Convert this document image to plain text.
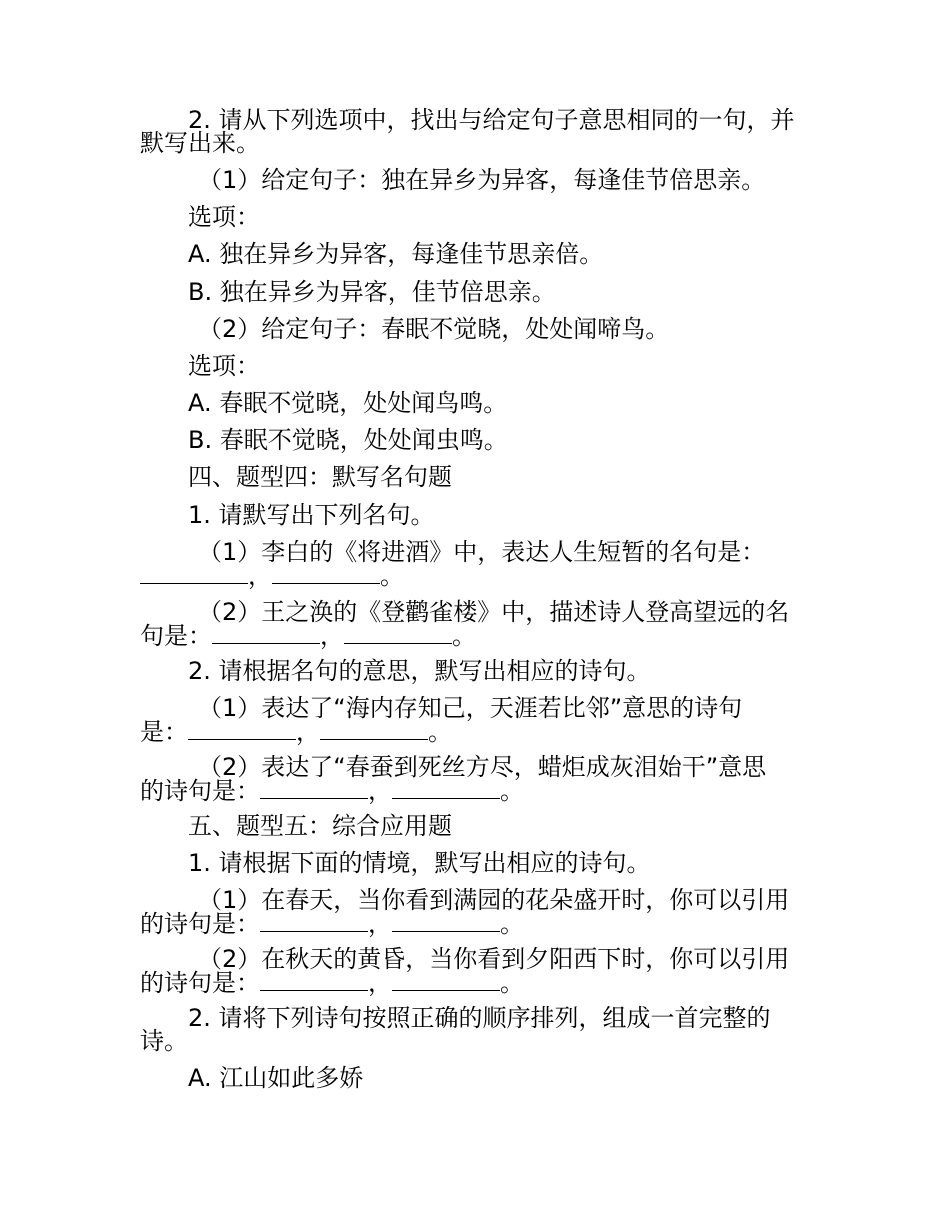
2. 请从下列选项中，找出与给定句子意思相同的一句，并
默写出来。
（1）给定句子：独在异乡为异客，每逢佳节倍思亲。
选项：
A. 独在异乡为异客，每逢佳节思亲倍。
B. 独在异乡为异客，佳节倍思亲。
（2）给定句子：春眠不觉晓，处处闻啼鸟。
选项：
A. 春眠不觉晓，处处闻鸟鸣。
B. 春眠不觉晓，处处闻虫鸣。
四、题型四：默写名句题
1. 请默写出下列名句。
（1）李白的《将进酒》中，表达人生短暂的名句是：
，	。
（2）王之涣的《登鹳雀楼》中，描述诗人登高望远的名
句是：	，	。
2. 请根据名句的意思，默写出相应的诗句。
（1）表达了“海内存知己，天涯若比邻”意思的诗句
是：	，	。
（2）表达了“春蚕到死丝方尽，蜡炬成灰泪始干”意思
的诗句是：	，	。
五、题型五：综合应用题
1. 请根据下面的情境，默写出相应的诗句。
（1）在春天，当你看到满园的花朵盛开时，你可以引用
的诗句是：	，	。
（2）在秋天的黄昏，当你看到夕阳西下时，你可以引用
的诗句是：	，	。
2. 请将下列诗句按照正确的顺序排列，组成一首完整的
诗。
A. 江山如此多娇
